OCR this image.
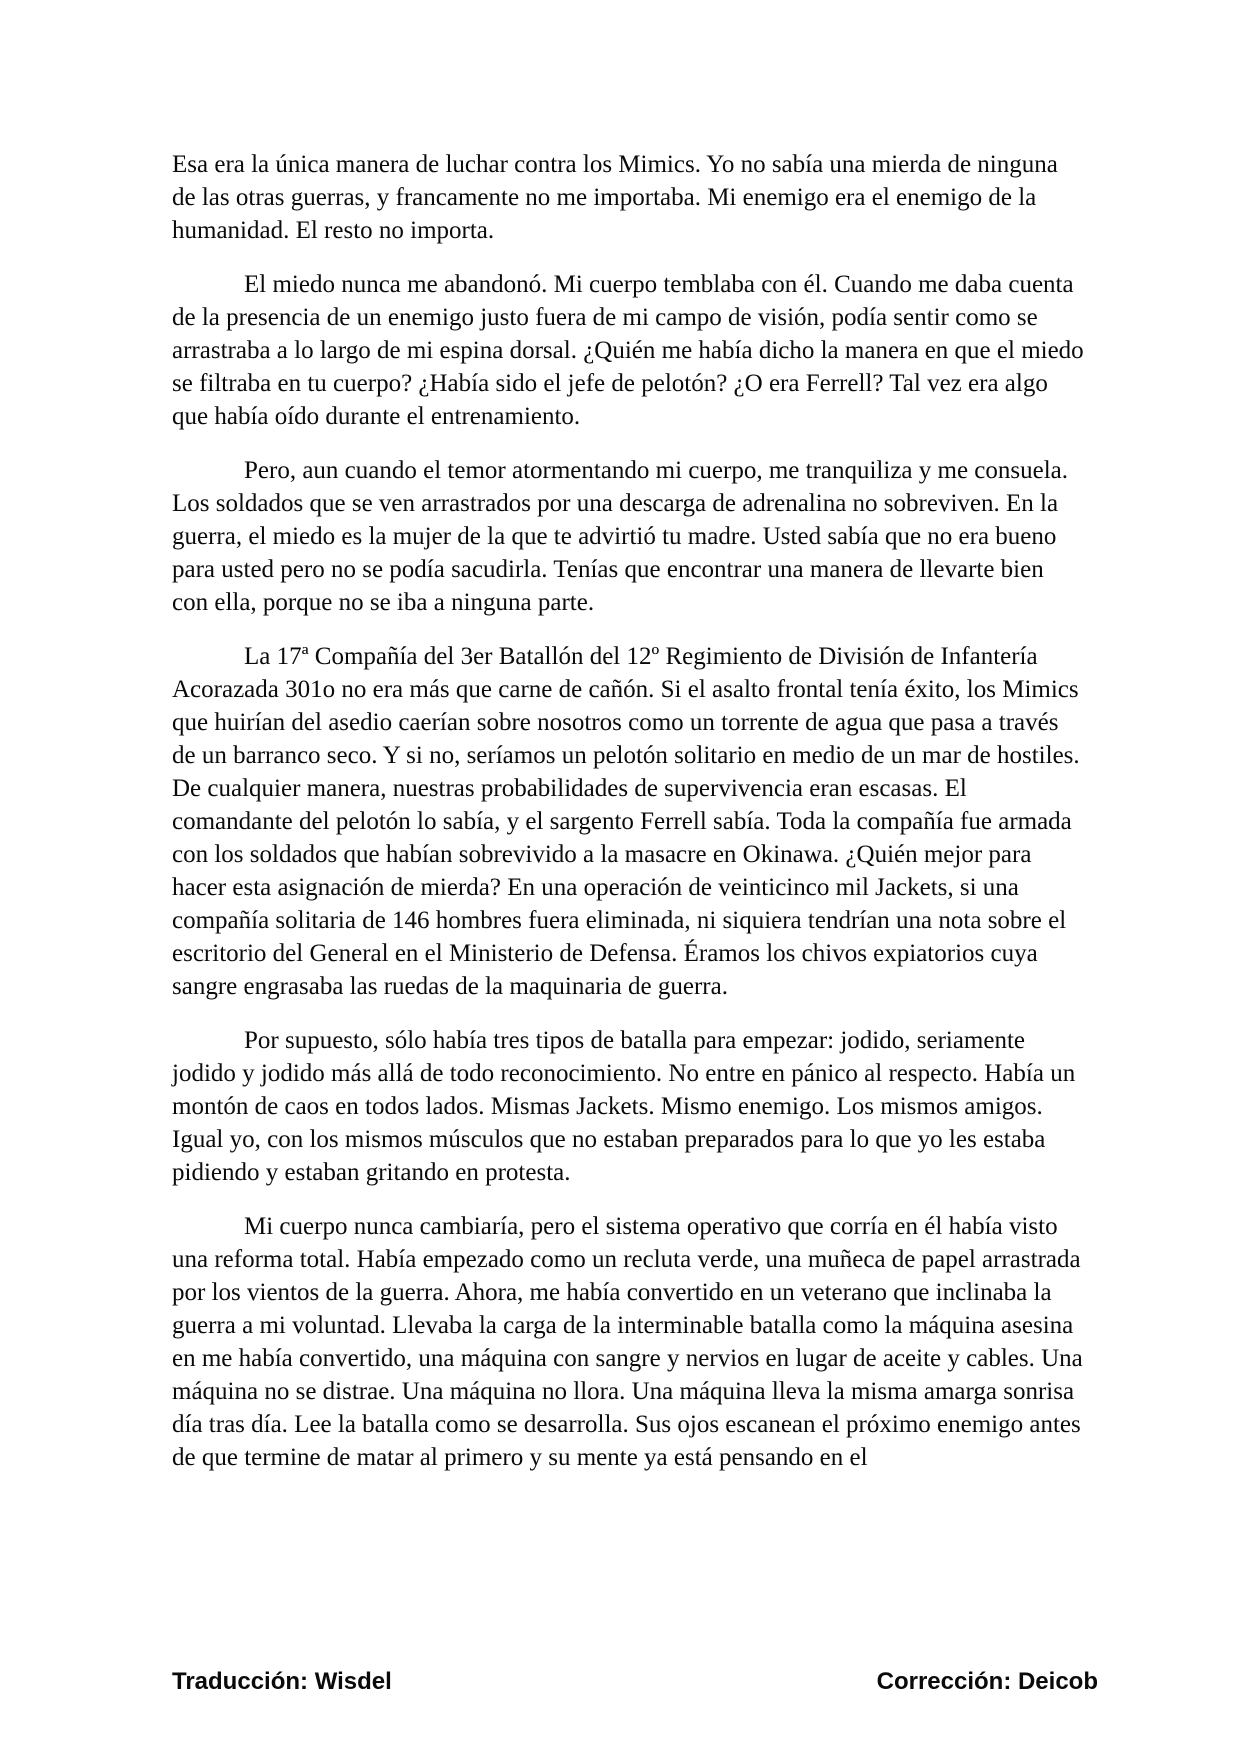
Esa era la única manera de luchar contra los Mimics. Yo no sabía una mierda de ninguna de las otras guerras, y francamente no me importaba. Mi enemigo era el enemigo de la humanidad. El resto no importa.

El miedo nunca me abandonó. Mi cuerpo temblaba con él. Cuando me daba cuenta de la presencia de un enemigo justo fuera de mi campo de visión, podía sentir como se arrastraba a lo largo de mi espina dorsal. ¿Quién me había dicho la manera en que el miedo se filtraba en tu cuerpo? ¿Había sido el jefe de pelotón? ¿O era Ferrell? Tal vez era algo que había oído durante el entrenamiento.

Pero, aun cuando el temor atormentando mi cuerpo, me tranquiliza y me consuela. Los soldados que se ven arrastrados por una descarga de adrenalina no sobreviven. En la guerra, el miedo es la mujer de la que te advirtió tu madre. Usted sabía que no era bueno para usted pero no se podía sacudirla. Tenías que encontrar una manera de llevarte bien con ella, porque no se iba a ninguna parte.

La 17ª Compañía del 3er Batallón del 12º Regimiento de División de Infantería Acorazada 301o no era más que carne de cañón. Si el asalto frontal tenía éxito, los Mimics que huirían del asedio caerían sobre nosotros como un torrente de agua que pasa a través de un barranco seco. Y si no, seríamos un pelotón solitario en medio de un mar de hostiles. De cualquier manera, nuestras probabilidades de supervivencia eran escasas. El comandante del pelotón lo sabía, y el sargento Ferrell sabía. Toda la compañía fue armada con los soldados que habían sobrevivido a la masacre en Okinawa. ¿Quién mejor para hacer esta asignación de mierda? En una operación de veinticinco mil Jackets, si una compañía solitaria de 146 hombres fuera eliminada, ni siquiera tendrían una nota sobre el escritorio del General en el Ministerio de Defensa. Éramos los chivos expiatorios cuya sangre engrasaba las ruedas de la maquinaria de guerra.

Por supuesto, sólo había tres tipos de batalla para empezar: jodido, seriamente jodido y jodido más allá de todo reconocimiento. No entre en pánico al respecto. Había un montón de caos en todos lados. Mismas Jackets. Mismo enemigo. Los mismos amigos. Igual yo, con los mismos músculos que no estaban preparados para lo que yo les estaba pidiendo y estaban gritando en protesta.

Mi cuerpo nunca cambiaría, pero el sistema operativo que corría en él había visto una reforma total. Había empezado como un recluta verde, una muñeca de papel arrastrada por los vientos de la guerra. Ahora, me había convertido en un veterano que inclinaba la guerra a mi voluntad. Llevaba la carga de la interminable batalla como la máquina asesina en me había convertido, una máquina con sangre y nervios en lugar de aceite y cables. Una máquina no se distrae. Una máquina no llora. Una máquina lleva la misma amarga sonrisa día tras día. Lee la batalla como se desarrolla. Sus ojos escanean el próximo enemigo antes de que termine de matar al primero y su mente ya está pensando en el

Traducción: Wisdel	Corrección: Deicob
